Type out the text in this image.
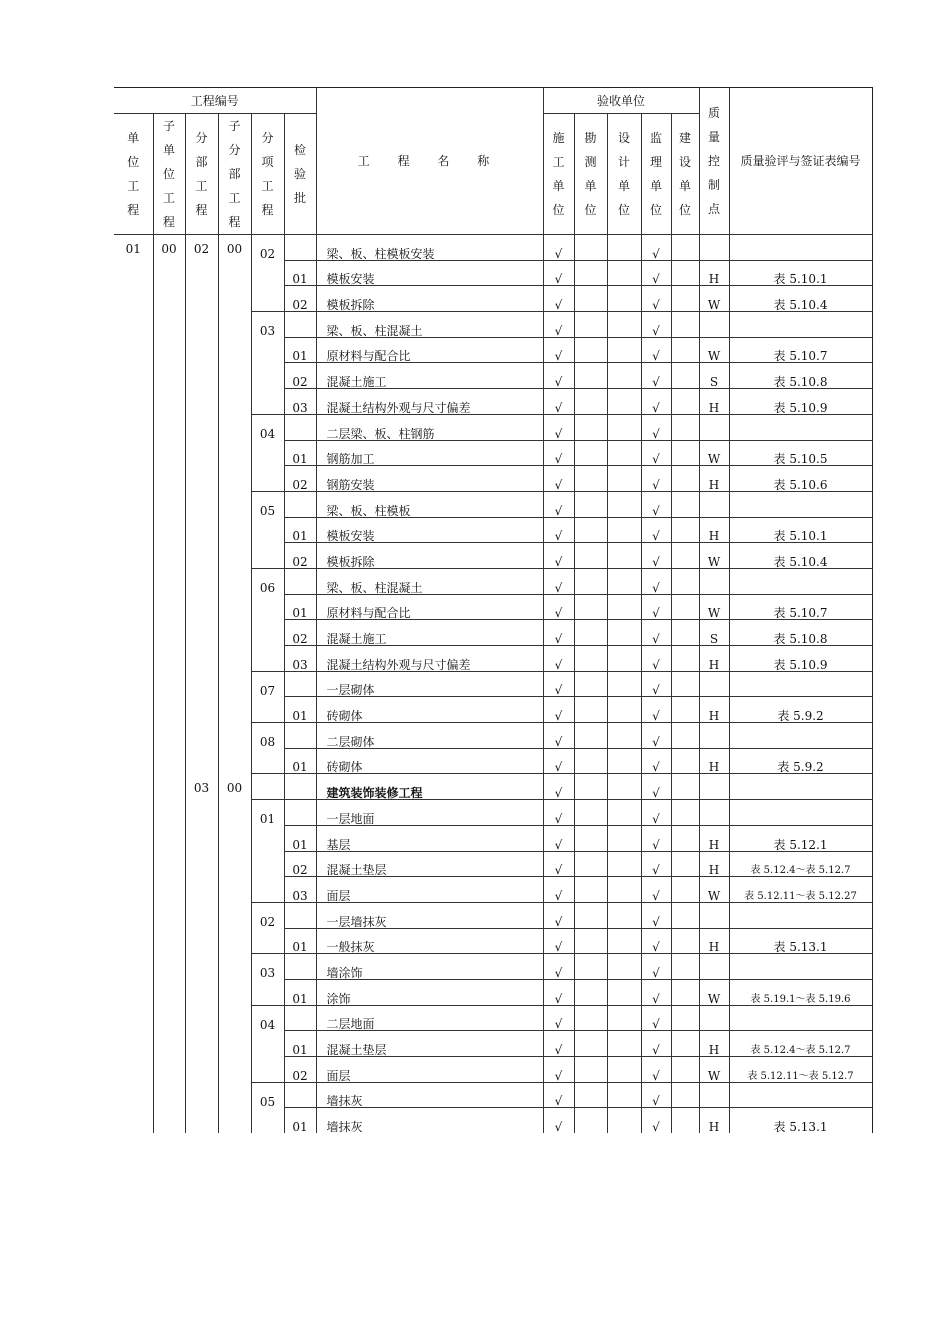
工程编号						工 程 名 称	验收单位					质量控制点	质量验评与签证表编号
单位工程	子单位工程	分部工程	子分部工程	分项工程	检验批		施工单位	勘测单位	设计单位	监理单位	建设单位		
01	00	02	00	02		梁、板、柱模板安装	√			√			
					01	模板安装	√			√		H	表 5.10.1
					02	模板拆除	√			√		W	表 5.10.4
				03		梁、板、柱混凝土	√			√			
					01	原材料与配合比	√			√		W	表 5.10.7
					02	混凝土施工	√			√		S	表 5.10.8
					03	混凝土结构外观与尺寸偏差	√			√		H	表 5.10.9
				04		二层梁、板、柱钢筋	√			√			
					01	钢筋加工	√			√		W	表 5.10.5
					02	钢筋安装	√			√		H	表 5.10.6
				05		梁、板、柱模板	√			√			
					01	模板安装	√			√		H	表 5.10.1
					02	模板拆除	√			√		W	表 5.10.4
				06		梁、板、柱混凝土	√			√			
					01	原材料与配合比	√			√		W	表 5.10.7
					02	混凝土施工	√			√		S	表 5.10.8
					03	混凝土结构外观与尺寸偏差	√			√		H	表 5.10.9
				07		一层砌体	√			√			
					01	砖砌体	√			√		H	表 5.9.2
				08		二层砌体	√			√			
					01	砖砌体	√			√		H	表 5.9.2
		03	00			建筑装饰装修工程	√			√			
				01		一层地面	√			√			
					01	基层	√			√		H	表 5.12.1
					02	混凝土垫层	√			√		H	表 5.12.4～表 5.12.7
					03	面层	√			√		W	表 5.12.11～表 5.12.27
				02		一层墙抹灰	√			√			
					01	一般抹灰	√			√		H	表 5.13.1
				03		墙涂饰	√			√			
					01	涂饰	√			√		W	表 5.19.1～表 5.19.6
				04		二层地面	√			√			
					01	混凝土垫层	√			√		H	表 5.12.4～表 5.12.7
					02	面层	√			√		W	表 5.12.11～表 5.12.7
				05		墙抹灰	√			√			
					01	墙抹灰	√			√		H	表 5.13.1
